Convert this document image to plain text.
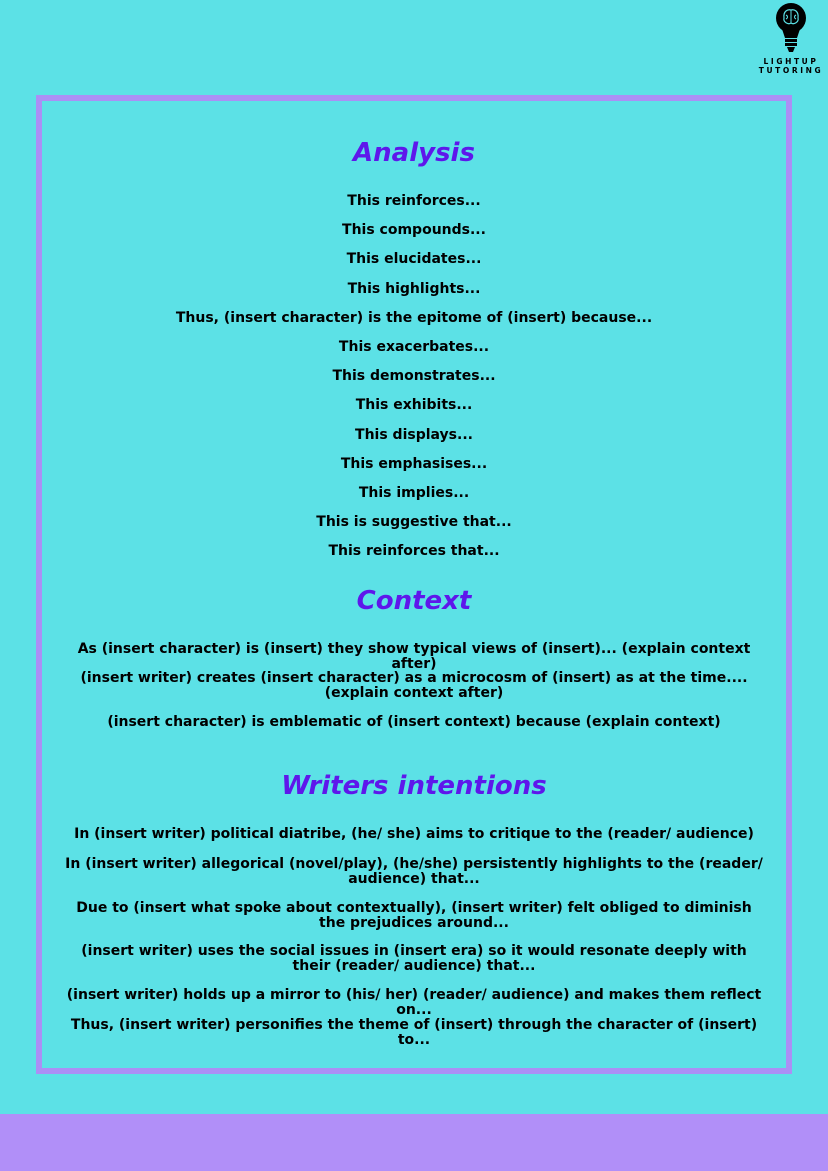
LIGHTUP
TUTORING
Analysis
This reinforces...
This compounds...
This elucidates...
This highlights...
Thus, (insert character) is the epitome of (insert) because...
This exacerbates...
This demonstrates...
This exhibits...
This displays...
This emphasises...
This implies...
This is suggestive that...
This reinforces that...
Context
As (insert character) is (insert) they show typical views of (insert)... (explain context after)
(insert writer) creates (insert character) as a microcosm of (insert) as at the time.... (explain context after)
(insert character) is emblematic of (insert context) because (explain context)
Writers intentions
In (insert writer) political diatribe, (he/ she) aims to critique to the (reader/ audience)
In (insert writer) allegorical (novel/play), (he/she) persistently highlights to the (reader/ audience) that...
Due to (insert what spoke about contextually), (insert writer) felt obliged to diminish the prejudices around...
(insert writer) uses the social issues in (insert era) so it would resonate deeply with their (reader/ audience) that...
(insert writer) holds up a mirror to (his/ her) (reader/ audience) and makes them reflect on...
Thus, (insert writer) personifies the theme of (insert) through the character of (insert) to...
